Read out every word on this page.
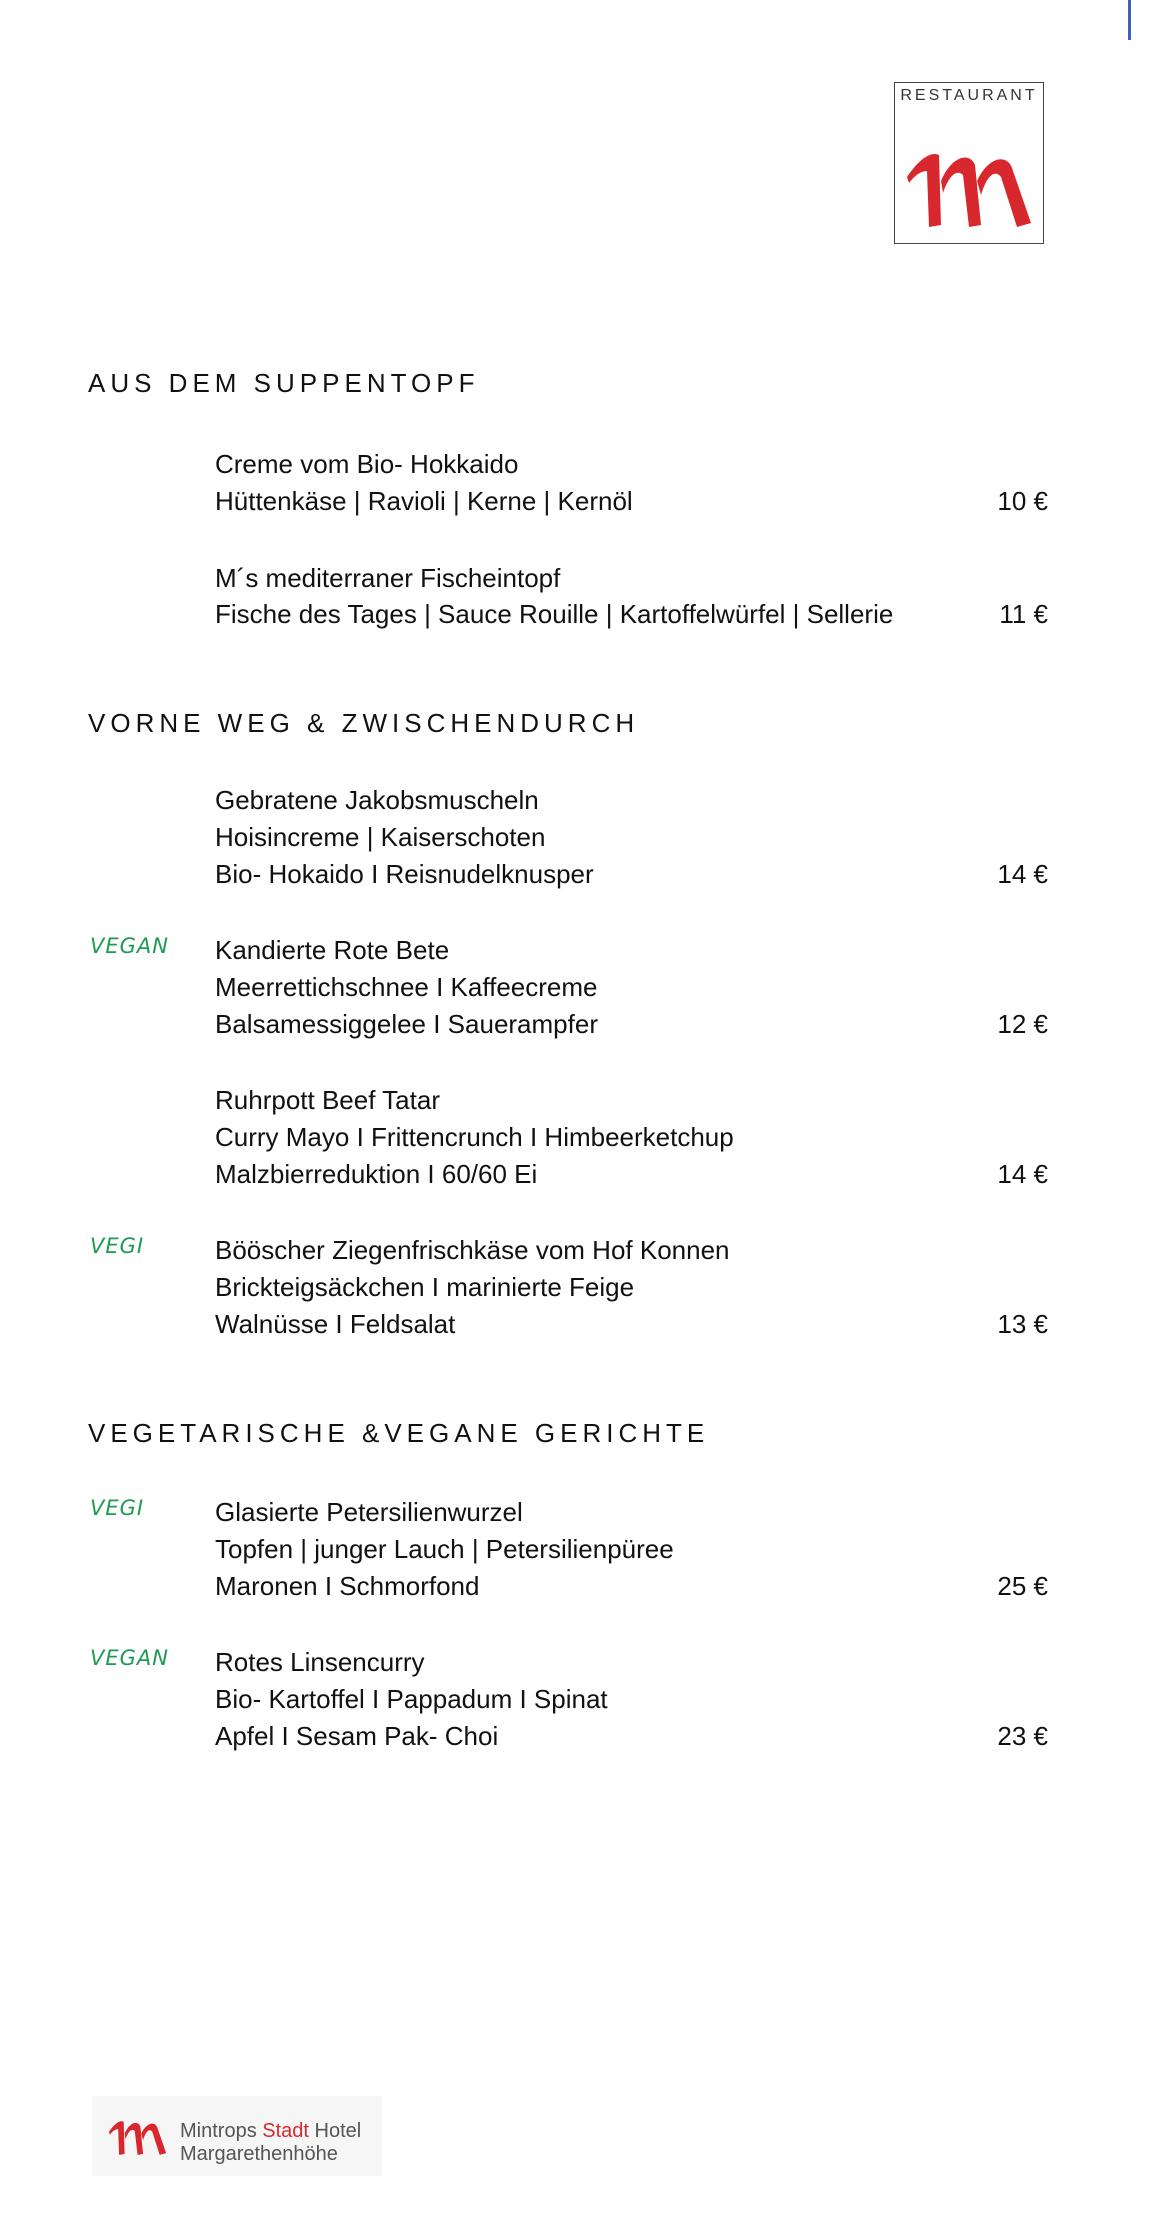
RESTAURANT
AUS DEM SUPPENTOPF
Creme vom Bio- Hokkaido
Hüttenkäse | Ravioli | Kerne | Kernöl	10 €
M´s mediterraner Fischeintopf
Fische des Tages | Sauce Rouille | Kartoffelwürfel | Sellerie	11 €
VORNE WEG & ZWISCHENDURCH
Gebratene Jakobsmuscheln
Hoisincreme | Kaiserschoten
Bio- Hokaido I Reisnudelknusper	14 €
VEGAN Kandierte Rote Bete
Meerrettichschnee I Kaffeecreme
Balsamessiggelee I Sauerampfer	12 €
Ruhrpott Beef Tatar
Curry Mayo I Frittencrunch I Himbeerketchup
Malzbierreduktion I 60/60 Ei	14 €
VEGI	Bööscher Ziegenfrischkäse vom Hof Konnen
Brickteigsäckchen I marinierte Feige
Walnüsse I Feldsalat	13 €
VEGETARISCHE &VEGANE GERICHTE
VEGI	Glasierte Petersilienwurzel
Topfen | junger Lauch | Petersilienpüree
Maronen I Schmorfond	25 €
VEGAN Rotes Linsencurry
Bio- Kartoffel I Pappadum I Spinat
Apfel I Sesam Pak- Choi	23 €
Mintrops Stadt Hotel
Margarethenhöhe
